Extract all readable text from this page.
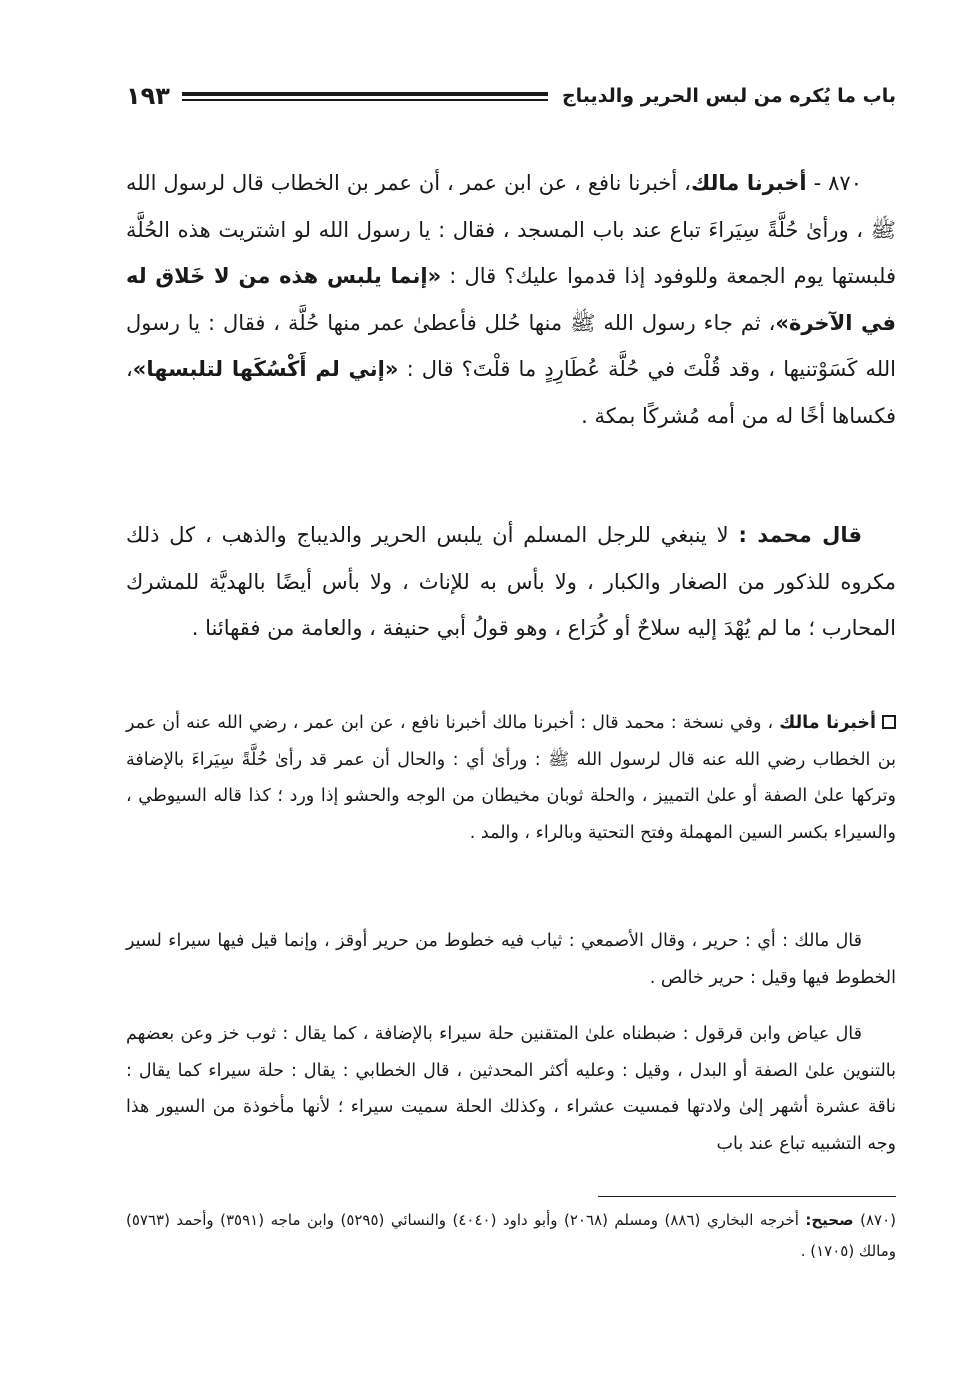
باب ما يُكره من لبس الحرير والديباج
١٩٣

٨٧٠ - أخبرنا مالك، أخبرنا نافع ، عن ابن عمر ، أن عمر بن الخطاب قال لرسول الله ﷺ ، ورأىٰ حُلَّةً سِيَراءَ تباع عند باب المسجد ، فقال : يا رسول الله لو اشتريت هذه الحُلَّة فلبستها يوم الجمعة وللوفود إذا قدموا عليك؟ قال : «إنما يلبس هذه من لا خَلاق له في الآخرة»، ثم جاء رسول الله ﷺ منها حُلل فأعطىٰ عمر منها حُلَّة ، فقال : يا رسول الله كَسَوْتنيها ، وقد قُلْتَ في حُلَّة عُطَارِدٍ ما قلْتَ؟ قال : «إني لم أَكْسُكَها لتلبسها»، فكساها أخًا له من أمه مُشركًا بمكة .

قال محمد : لا ينبغي للرجل المسلم أن يلبس الحرير والديباج والذهب ، كل ذلك مكروه للذكور من الصغار والكبار ، ولا بأس به للإناث ، ولا بأس أيضًا بالهديَّة للمشرك المحارب ؛ ما لم يُهْدَ إليه سلاحٌ أو كُرَاع ، وهو قولُ أبي حنيفة ، والعامة من فقهائنا .

أخبرنا مالك ، وفي نسخة : محمد قال : أخبرنا مالك أخبرنا نافع ، عن ابن عمر ، رضي الله عنه أن عمر بن الخطاب رضي الله عنه قال لرسول الله ﷺ : ورأىٰ أي : والحال أن عمر قد رأىٰ حُلَّةً سِيَراءَ بالإضافة وتركها علىٰ الصفة أو علىٰ التمييز ، والحلة ثوبان مخيطان من الوجه والحشو إذا ورد ؛ كذا قاله السيوطي ، والسيراء بكسر السين المهملة وفتح التحتية وبالراء ، والمد .

قال مالك : أي : حرير ، وقال الأصمعي : ثياب فيه خطوط من حرير أوقز ، وإنما قيل فيها سيراء لسير الخطوط فيها وقيل : حرير خالص .

قال عياض وابن قرقول : ضبطناه علىٰ المتقنين حلة سيراء بالإضافة ، كما يقال : ثوب خز وعن بعضهم بالتنوين علىٰ الصفة أو البدل ، وقيل : وعليه أكثر المحدثين ، قال الخطابي : يقال : حلة سيراء كما يقال : ناقة عشرة أشهر إلىٰ ولادتها فمسيت عشراء ، وكذلك الحلة سميت سيراء ؛ لأنها مأخوذة من السيور هذا وجه التشبيه تباع عند باب

(٨٧٠) صحيح: أخرجه البخاري (٨٨٦) ومسلم (٢٠٦٨) وأبو داود (٤٠٤٠) والنسائي (٥٢٩٥) وابن ماجه (٣٥٩١) وأحمد (٥٧٦٣) ومالك (١٧٠٥) .
